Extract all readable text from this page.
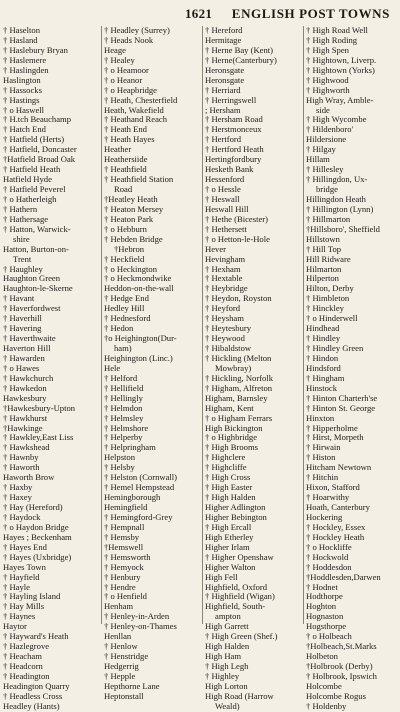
1621 ENGLISH POST TOWNS
† Haselton
† Hasland
† Haslebury Bryan
† Haslemere
† Haslingden
Haslington
† Hassocks
† Hastings
† o Haswell
† H.tch Beauchamp
† Hatch End
† Hatfield (Herts)
† Hatfield, Doncaster
†Hatfield Broad Oak
† Hatfield Heath
Hatfield Hyde
† Hatfield Peverel
† o Hatherleigh
† Hathern
† Hathersage
† Hatton, Warwick-
shire
Hatton, Burton-on-
Trent
† Haughley
Haughton Green
Haughton-le-Skerne
† Havant
† Haverfordwest
† Haverhill
† Havering
† Haverthwaite
Haverton Hill
† Hawarden
† o Hawes
† Hawkchurch
† Hawkedon
Hawkesbury
†Hawkesbury-Upton
† Hawkhurst
†Hawkinge
† Hawkley,East Liss
† Hawkshead
† Hawnby
† Haworth
Haworth Brow
† Haxby
† Haxey
† Hay (Hereford)
† Haydock
† o Haydon Bridge
Hayes ; Beckenham
† Hayes End
† Hayes (Uxbridge)
Hayes Town
† Hayfield
† Hayle
† Hayling Island
† Hay Mills
† Haynes
Haytor
† Hayward's Heath
† Hazlegrove
† Heacham
† Headcorn
† Headington
Headington Quarry
† Headless Cross
Headley (Hants)
† Headley (Surrey)
† Heads Nook
Heage
† Healey
† o Heamoor
† o Heanor
† o Heapbridge
† Heath, Chesterfield
Heath, Wakefield
† Heathand Reach
† Heath End
† Heath Hayes
Heather
Heathersiide
† Heathfield
† Heathfield Station
Road
†Heatley Heath
† Heaton Mersey
† Heaton Park
† o Hebburn
† Hebden Bridge
†Hebron
† Heckfield
† o Heckington
† o Heckmondwike
Heddon-on-the-wall
† Hedge End
Hedley Hill
† Hednesford
† Hedon
†o Heighington(Dur-
ham)
Heighington (Linc.)
Hele
† Helford
† Hellifield
† Hellingly
† Helmdon
† Helmsley
† Helmshore
† Helperby
† Helpringham
Helpston
† Helsby
† Helston (Cornwall)
† Hemel Hempstead
Hemingborough
Hemingfield
† Hemingford-Grey
† Hempnall
† Hemsby
†Hemswell
† Hemsworth
† Hemyock
† Henbury
† Hendre
† o Henfield
Henham
† Henley-in-Arden
† Henley-on-Thames
Henllan
† Henlow
† Henstridge
Hedgerrig
† Hepple
Hepthorne Lane
Heptonstall
† Hereford
Hermitage
† Herne Bay (Kent)
† Herne(Canterbury)
Heronsgate
Heronsgate
† Herriard
† Herringswell
; Hersham
† Hersham Road
† Herstmonceux
† Hertford
† Hertford Heath
Hertingfordbury
Hesketh Bank
Hessenford
† o Hessle
† Heswall
Heswall Hill
† Hethe (Bicester)
† Hethersett
† o Hetton-le-Hole
Hever
Hevingham
† Hexham
† Hextable
† Heybridge
† Heydon, Royston
† Heyford
† Heysham
† Heytesbury
† Heywood
† Hibaldstow
† Hickling (Melton
Mowbray)
† Hickling, Norfolk
† Higham, Alfreton
Higham, Barnsley
Higham, Kent
† o Higham Ferrars
High Bickington
† o Highbridge
† High Brooms
† Highclere
† Highcliffe
† High Cross
† High Easter
† High Halden
Higher Adlington
Higher Bebington
† High Ercall
High Etherley
Higher Irlam
† Higher Openshaw
Higher Walton
High Fell
Highfield, Oxford
† Highfield (Wigan)
Highfield, South-
ampton
High Garrett
† High Green (Shef.)
High Halden
High Ham
† High Legh
† Highley
High Lorton
High Road (Harrow
Weald)
† High Road Well
† High Roding
† High Spen
† Hightown, Liverp.
† Hightown (Yorks)
† Highwood
† Highworth
High Wray, Amble-
side
† High Wycombe
† Hildenboro'
Hildersione
† Hilgay
Hillam
† Hillesley
† Hillingdon, Ux-
bridge
Hillingdon Heath
† Hillington (Lynn)
† Hillmarton
†Hillsboro', Sheffield
Hillstown
† Hill Top
Hill Ridware
Hilmarton
Hilperton
Hilton, Derby
† Himbleton
† Hinckley
† o Hinderwell
Hindhead
† Hindley
† Hindley Green
† Hindon
Hindsford
† Hingham
Hinstock
† Hinton Charterh'se
† Hinton St. George
Hinxton
† Hipperholme
† Hirst, Morpeth
† Hirwain
† Histon
Hitcham Newtown
† Hitchin
Hixon, Stafford
† Hoarwithy
Hoath, Canterbury
Hockering
† Hockley, Essex
† Hockley Heath
† o Hockliffe
† Hockwold
† Hoddesdon
†Hoddlesden,Darwen
† Hodnet
Hodthorpe
Hoghton
Hognaston
Hogsthorpe
† o Holbeach
†Holbeach,St.Marks
Holbeton
†Holbrook (Derby)
† Holbrook, Ipswich
Holcombe
Holcombe Rogus
† Holdenby
